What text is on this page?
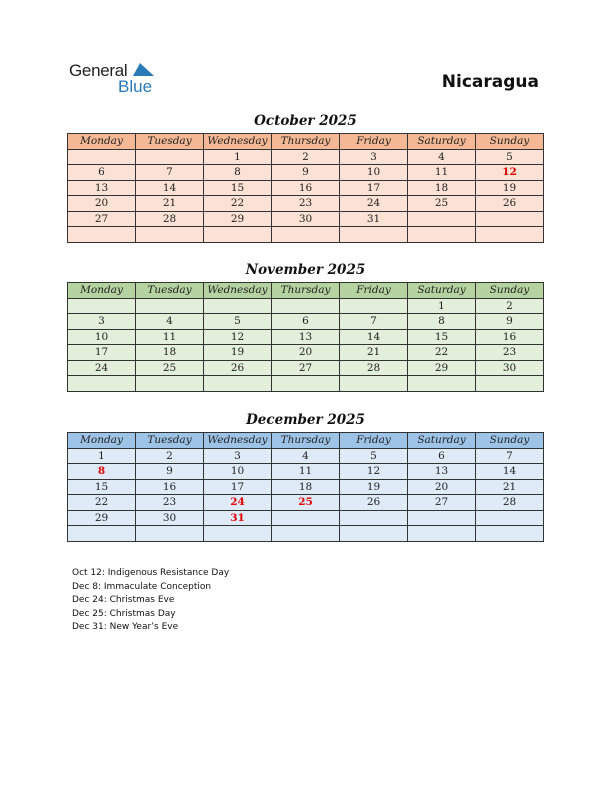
General
Blue	Nicaragua
October 2025
Monday	Tuesday	Wednesday	Thursday	Friday	Saturday	Sunday
		1	2	3	4	5
6	7	8	9	10	11	12
13	14	15	16	17	18	19
20	21	22	23	24	25	26
27	28	29	30	31		

November 2025
Monday	Tuesday	Wednesday	Thursday	Friday	Saturday	Sunday
					1	2
3	4	5	6	7	8	9
10	11	12	13	14	15	16
17	18	19	20	21	22	23
24	25	26	27	28	29	30

December 2025
Monday	Tuesday	Wednesday	Thursday	Friday	Saturday	Sunday
1	2	3	4	5	6	7
8	9	10	11	12	13	14
15	16	17	18	19	20	21
22	23	24	25	26	27	28
29	30	31				

Oct 12: Indigenous Resistance Day
Dec 8: Immaculate Conception
Dec 24: Christmas Eve
Dec 25: Christmas Day
Dec 31: New Year’s Eve
